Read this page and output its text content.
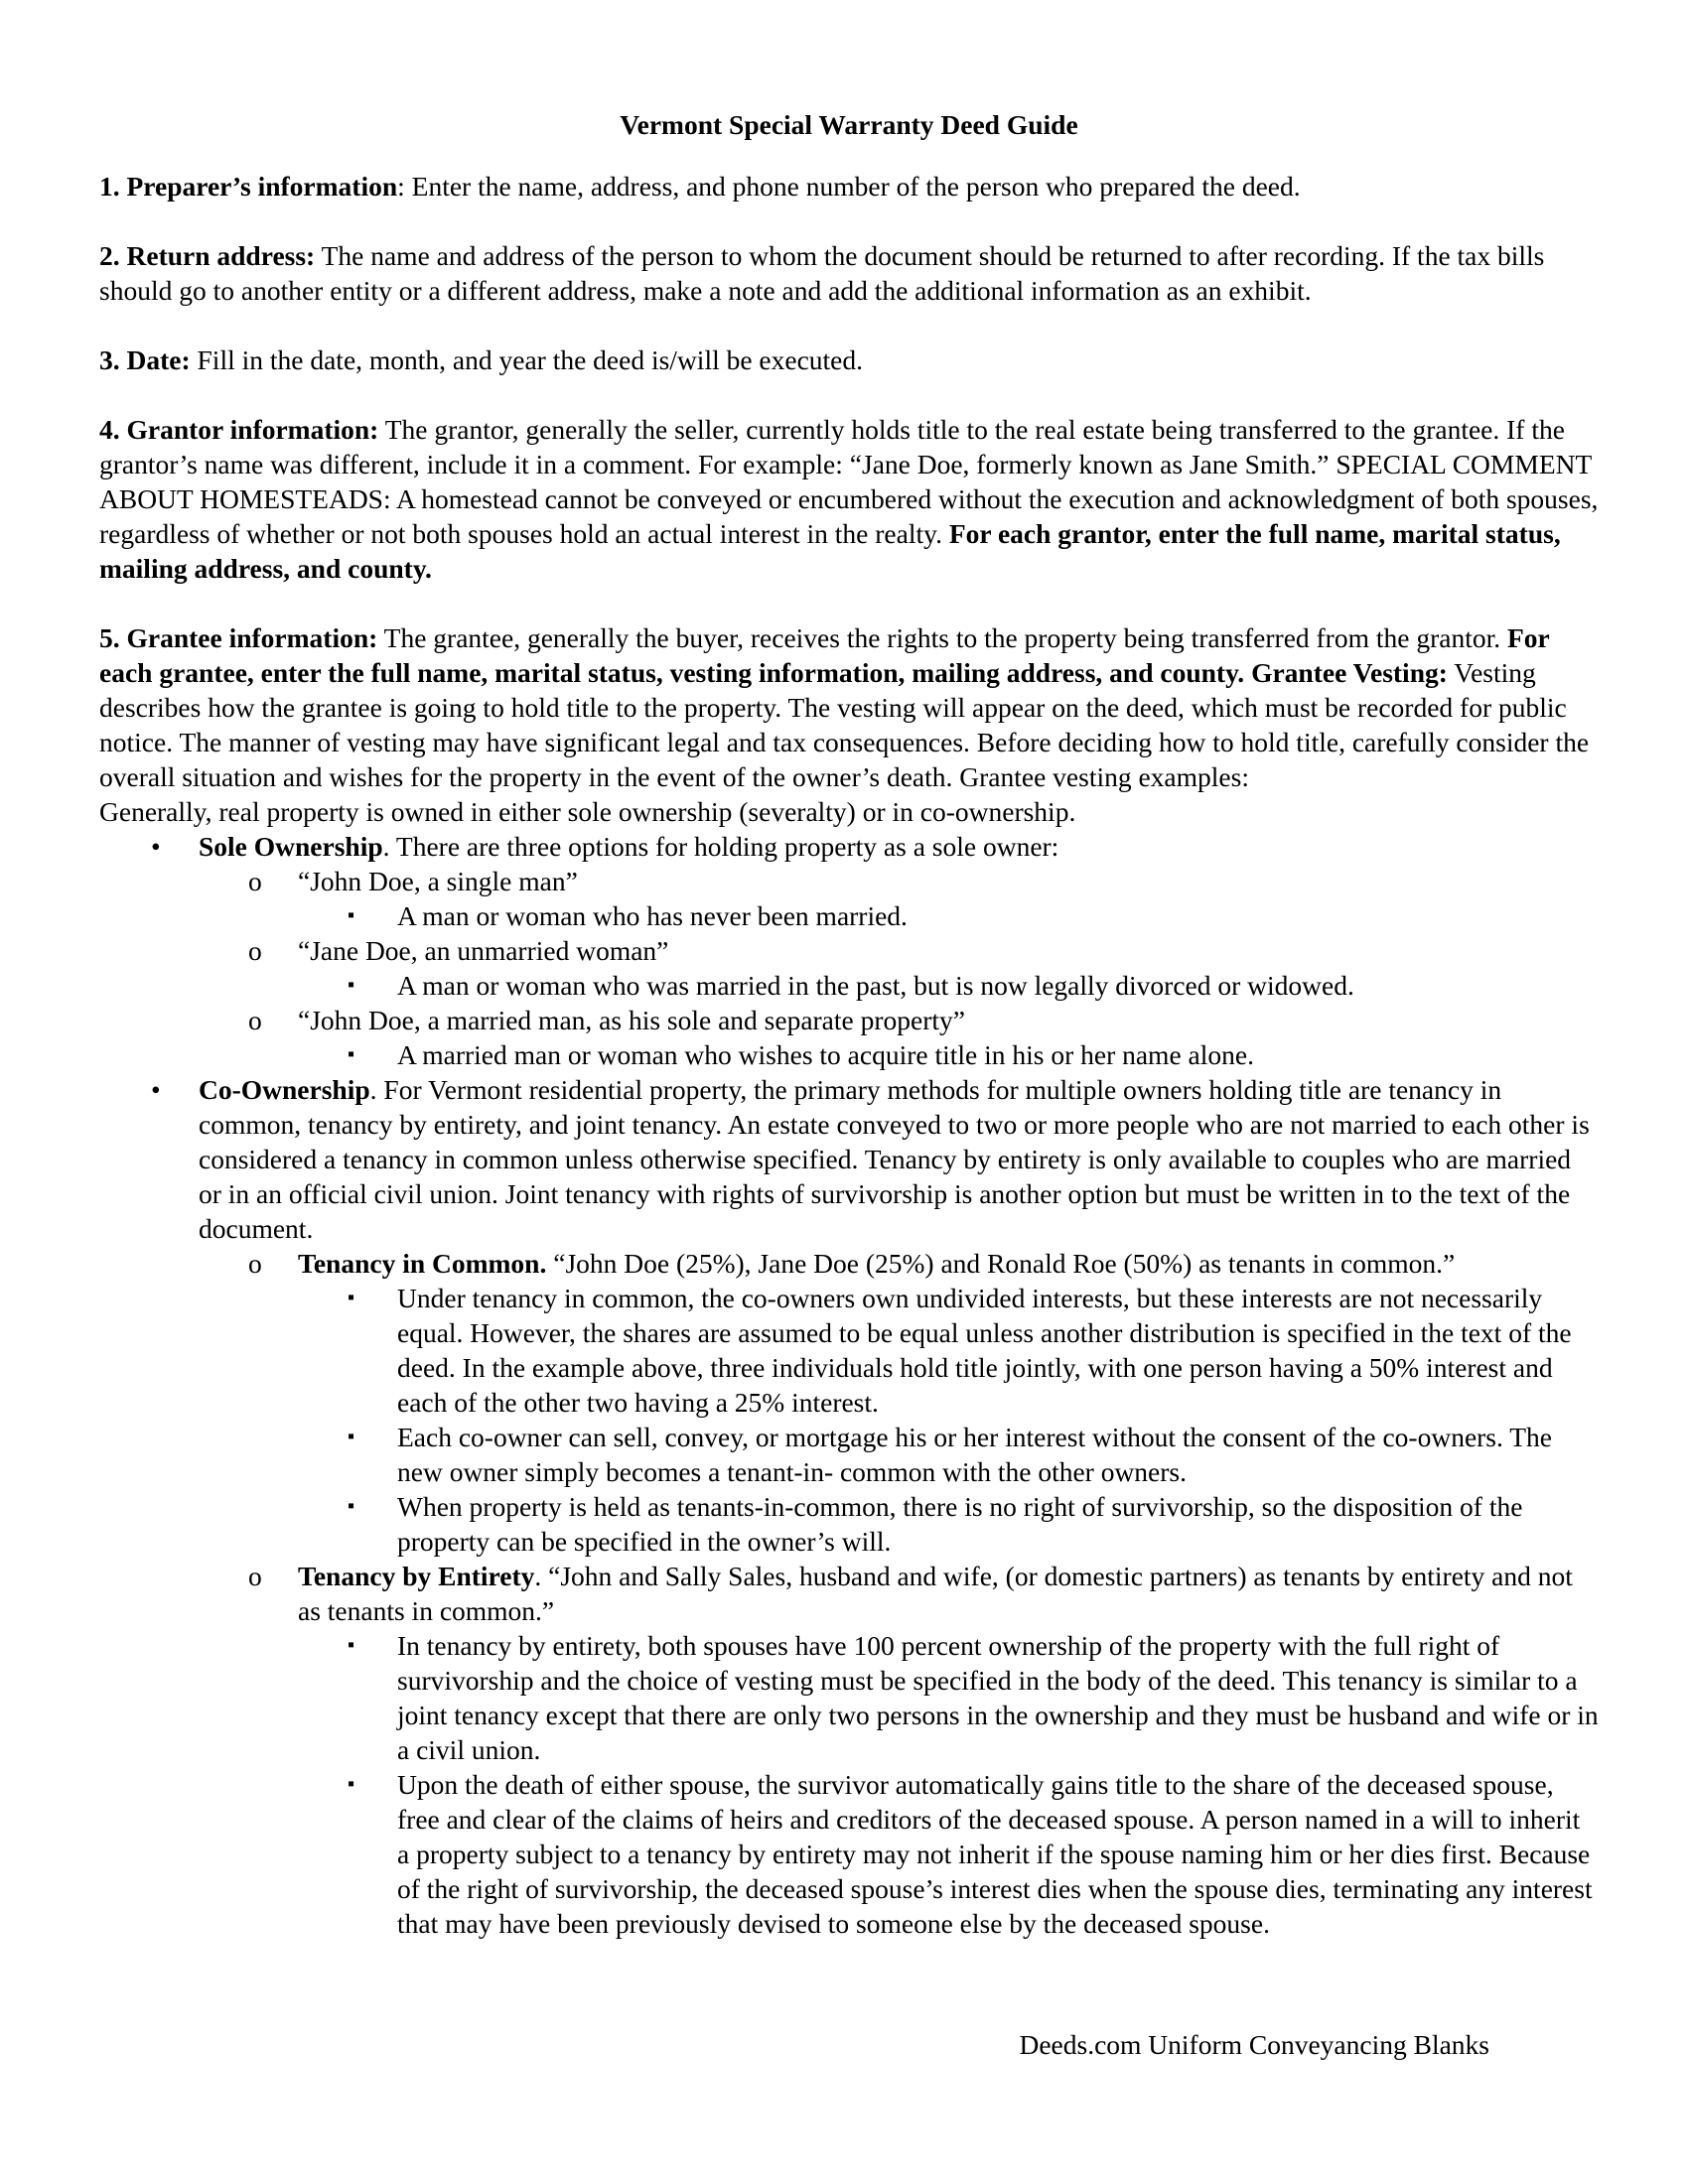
Vermont Special Warranty Deed Guide

1. Preparer’s information: Enter the name, address, and phone number of the person who prepared the deed.

2. Return address: The name and address of the person to whom the document should be returned to after recording. If the tax bills should go to another entity or a different address, make a note and add the additional information as an exhibit.

3. Date: Fill in the date, month, and year the deed is/will be executed.

4. Grantor information: The grantor, generally the seller, currently holds title to the real estate being transferred to the grantee. If the grantor’s name was different, include it in a comment. For example: “Jane Doe, formerly known as Jane Smith.” SPECIAL COMMENT ABOUT HOMESTEADS: A homestead cannot be conveyed or encumbered without the execution and acknowledgment of both spouses, regardless of whether or not both spouses hold an actual interest in the realty. For each grantor, enter the full name, marital status, mailing address, and county.

5. Grantee information: The grantee, generally the buyer, receives the rights to the property being transferred from the grantor. For each grantee, enter the full name, marital status, vesting information, mailing address, and county. Grantee Vesting: Vesting describes how the grantee is going to hold title to the property. The vesting will appear on the deed, which must be recorded for public notice. The manner of vesting may have significant legal and tax consequences. Before deciding how to hold title, carefully consider the overall situation and wishes for the property in the event of the owner’s death. Grantee vesting examples:

Generally, real property is owned in either sole ownership (severalty) or in co-ownership.

• Sole Ownership. There are three options for holding property as a sole owner:
o “John Doe, a single man”
▪ A man or woman who has never been married.
o “Jane Doe, an unmarried woman”
▪ A man or woman who was married in the past, but is now legally divorced or widowed.
o “John Doe, a married man, as his sole and separate property”
▪ A married man or woman who wishes to acquire title in his or her name alone.
• Co-Ownership. For Vermont residential property, the primary methods for multiple owners holding title are tenancy in common, tenancy by entirety, and joint tenancy. An estate conveyed to two or more people who are not married to each other is considered a tenancy in common unless otherwise specified. Tenancy by entirety is only available to couples who are married or in an official civil union. Joint tenancy with rights of survivorship is another option but must be written in to the text of the document.
o Tenancy in Common. “John Doe (25%), Jane Doe (25%) and Ronald Roe (50%) as tenants in common.”
▪ Under tenancy in common, the co-owners own undivided interests, but these interests are not necessarily equal. However, the shares are assumed to be equal unless another distribution is specified in the text of the deed. In the example above, three individuals hold title jointly, with one person having a 50% interest and each of the other two having a 25% interest.
▪ Each co-owner can sell, convey, or mortgage his or her interest without the consent of the co-owners. The new owner simply becomes a tenant-in- common with the other owners.
▪ When property is held as tenants-in-common, there is no right of survivorship, so the disposition of the property can be specified in the owner’s will.
o Tenancy by Entirety. “John and Sally Sales, husband and wife, (or domestic partners) as tenants by entirety and not as tenants in common.”
▪ In tenancy by entirety, both spouses have 100 percent ownership of the property with the full right of survivorship and the choice of vesting must be specified in the body of the deed. This tenancy is similar to a joint tenancy except that there are only two persons in the ownership and they must be husband and wife or in a civil union.
▪ Upon the death of either spouse, the survivor automatically gains title to the share of the deceased spouse, free and clear of the claims of heirs and creditors of the deceased spouse. A person named in a will to inherit a property subject to a tenancy by entirety may not inherit if the spouse naming him or her dies first. Because of the right of survivorship, the deceased spouse’s interest dies when the spouse dies, terminating any interest that may have been previously devised to someone else by the deceased spouse.
Deeds.com Uniform Conveyancing Blanks
